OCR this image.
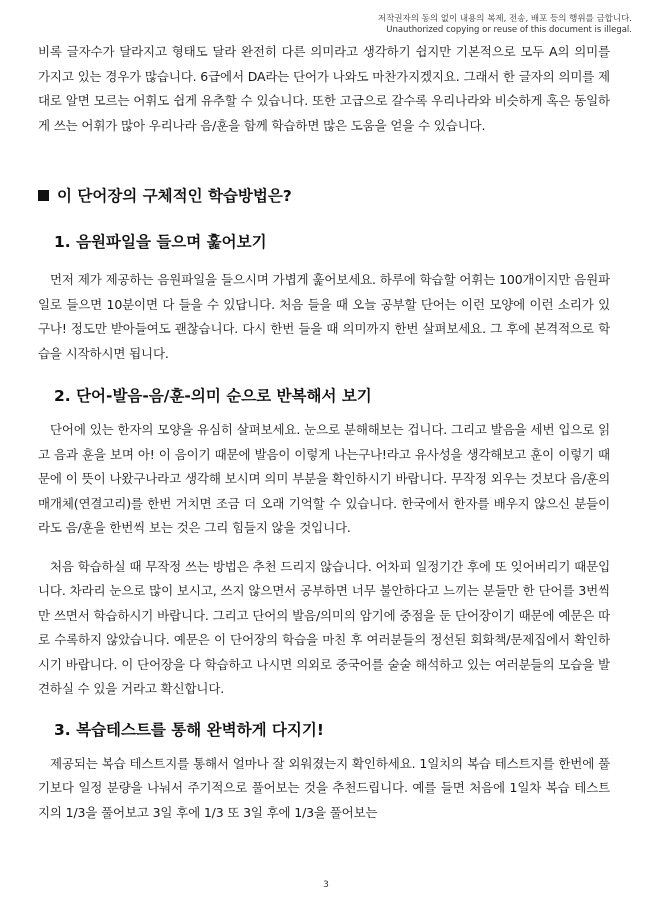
저작권자의 동의 없이 내용의 복제, 전송, 배포 등의 행위를 금합니다.
Unauthorized copying or reuse of this document is illegal.

비록 글자수가 달라지고 형태도 달라 완전히 다른 의미라고 생각하기 쉽지만 기본적으로 모두 A의 의미를 가지고 있는 경우가 많습니다. 6급에서 DA라는 단어가 나와도 마찬가지겠지요. 그래서 한 글자의 의미를 제대로 알면 모르는 어휘도 쉽게 유추할 수 있습니다. 또한 고급으로 갈수록 우리나라와 비슷하게 혹은 동일하게 쓰는 어휘가 많아 우리나라 음/훈을 함께 학습하면 많은 도움을 얻을 수 있습니다.

이 단어장의 구체적인 학습방법은?
1. 음원파일을 들으며 훑어보기

먼저 제가 제공하는 음원파일을 들으시며 가볍게 훑어보세요. 하루에 학습할 어휘는 100개이지만 음원파일로 들으면 10분이면 다 들을 수 있답니다. 처음 들을 때 오늘 공부할 단어는 이런 모양에 이런 소리가 있구나! 정도만 받아들여도 괜찮습니다. 다시 한번 들을 때 의미까지 한번 살펴보세요. 그 후에 본격적으로 학습을 시작하시면 됩니다.

2. 단어-발음-음/훈-의미 순으로 반복해서 보기

단어에 있는 한자의 모양을 유심히 살펴보세요. 눈으로 분해해보는 겁니다. 그리고 발음을 세번 입으로 읽고 음과 훈을 보며 아! 이 음이기 때문에 발음이 이렇게 나는구나!라고 유사성을 생각해보고 훈이 이렇기 때문에 이 뜻이 나왔구나라고 생각해 보시며 의미 부분을 확인하시기 바랍니다. 무작정 외우는 것보다 음/훈의 매개체(연결고리)를 한번 거치면 조금 더 오래 기억할 수 있습니다. 한국에서 한자를 배우지 않으신 분들이라도 음/훈을 한번씩 보는 것은 그리 힘들지 않을 것입니다.

처음 학습하실 때 무작정 쓰는 방법은 추천 드리지 않습니다. 어차피 일정기간 후에 또 잊어버리기 때문입니다. 차라리 눈으로 많이 보시고, 쓰지 않으면서 공부하면 너무 불안하다고 느끼는 분들만 한 단어를 3번씩만 쓰면서 학습하시기 바랍니다. 그리고 단어의 발음/의미의 암기에 중점을 둔 단어장이기 때문에 예문은 따로 수록하지 않았습니다. 예문은 이 단어장의 학습을 마친 후 여러분들의 정선된 회화책/문제집에서 확인하시기 바랍니다. 이 단어장을 다 학습하고 나시면 의외로 중국어를 술술 해석하고 있는 여러분들의 모습을 발견하실 수 있을 거라고 확신합니다.

3. 복습테스트를 통해 완벽하게 다지기!

제공되는 복습 테스트지를 통해서 얼마나 잘 외워졌는지 확인하세요. 1일치의 복습 테스트지를 한번에 풀기보다 일정 분량을 나눠서 주기적으로 풀어보는 것을 추천드립니다. 예를 들면 처음에 1일차 복습 테스트지의 1/3을 풀어보고 3일 후에 1/3 또 3일 후에 1/3을 풀어보는

3
